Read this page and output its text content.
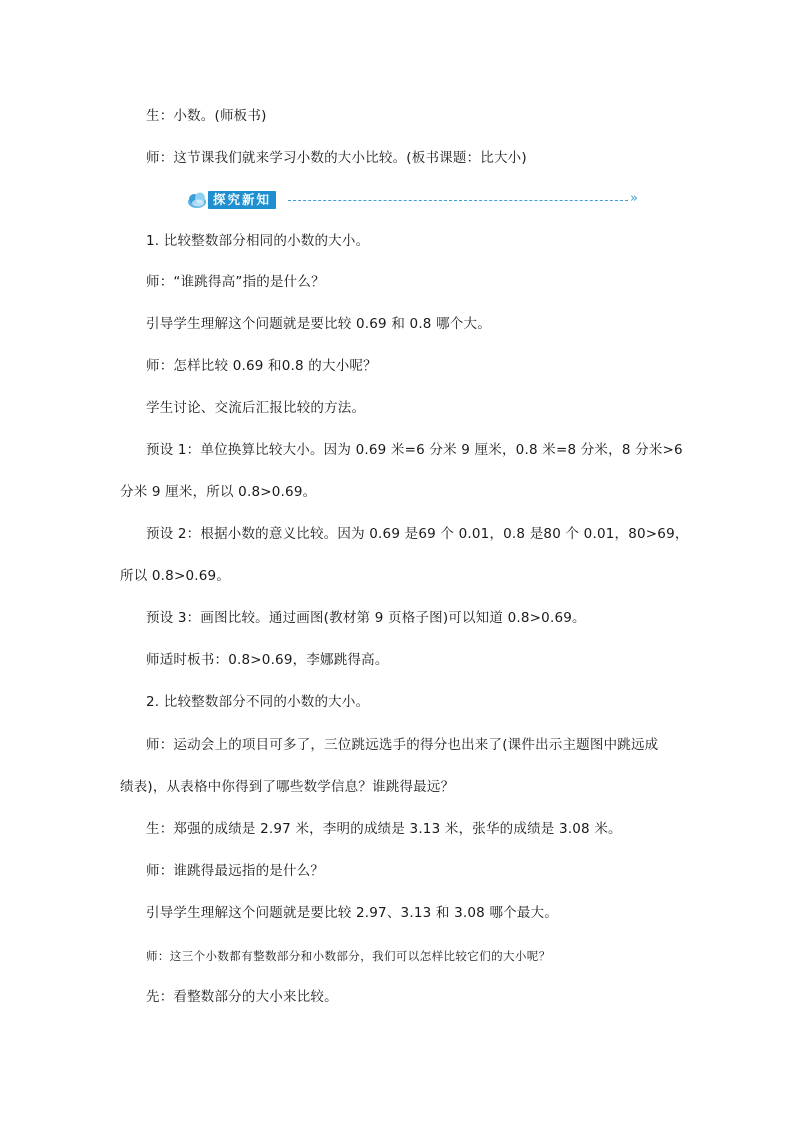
生：小数。(师板书)
师：这节课我们就来学习小数的大小比较。(板书课题：比大小)
探究新知	»
1. 比较整数部分相同的小数的大小。
师：“谁跳得高”指的是什么？
引导学生理解这个问题就是要比较 0.69 和 0.8 哪个大。
师：怎样比较 0.69 和0.8 的大小呢？
学生讨论、交流后汇报比较的方法。
预设 1：单位换算比较大小。因为 0.69 米=6 分米 9 厘米，0.8 米=8 分米，8 分米>6
分米 9 厘米，所以 0.8>0.69。
预设 2：根据小数的意义比较。因为 0.69 是69 个 0.01，0.8 是80 个 0.01，80>69，
所以 0.8>0.69。
预设 3：画图比较。通过画图(教材第 9 页格子图)可以知道 0.8>0.69。
师适时板书：0.8>0.69，李娜跳得高。
2. 比较整数部分不同的小数的大小。
师：运动会上的项目可多了，三位跳远选手的得分也出来了(课件出示主题图中跳远成
绩表)，从表格中你得到了哪些数学信息？谁跳得最远？
生：郑强的成绩是 2.97 米，李明的成绩是 3.13 米，张华的成绩是 3.08 米。
师：谁跳得最远指的是什么？
引导学生理解这个问题就是要比较 2.97、3.13 和 3.08 哪个最大。
师：这三个小数都有整数部分和小数部分，我们可以怎样比较它们的大小呢？
先：看整数部分的大小来比较。
